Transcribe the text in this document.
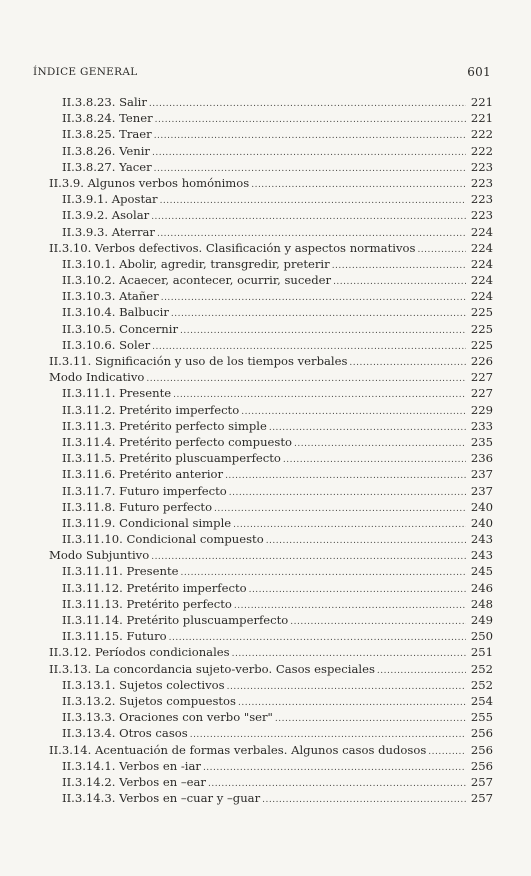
ÍNDICE GENERAL	601
II.3.8.23. Salir .....	221
II.3.8.24. Tener .....	221
II.3.8.25. Traer .....	222
II.3.8.26. Venir .....	222
II.3.8.27. Yacer .....	223
II.3.9. Algunos verbos homónimos .....	223
II.3.9.1. Apostar .....	223
II.3.9.2. Asolar .....	223
II.3.9.3. Aterrar .....	224
II.3.10. Verbos defectivos. Clasificación y aspectos normativos .....	224
II.3.10.1. Abolir, agredir, transgredir, preterir .....	224
II.3.10.2. Acaecer, acontecer, ocurrir, suceder .....	224
II.3.10.3. Atañer .....	224
II.3.10.4. Balbucir .....	225
II.3.10.5. Concernir .....	225
II.3.10.6. Soler .....	225
II.3.11. Significación y uso de los tiempos verbales .....	226
Modo Indicativo .....	227
II.3.11.1. Presente .....	227
II.3.11.2. Pretérito imperfecto .....	229
II.3.11.3. Pretérito perfecto simple .....	233
II.3.11.4. Pretérito perfecto compuesto .....	235
II.3.11.5. Pretérito pluscuamperfecto .....	236
II.3.11.6. Pretérito anterior .....	237
II.3.11.7. Futuro imperfecto .....	237
II.3.11.8. Futuro perfecto .....	240
II.3.11.9. Condicional simple .....	240
II.3.11.10. Condicional compuesto .....	243
Modo Subjuntivo .....	243
II.3.11.11. Presente .....	245
II.3.11.12. Pretérito imperfecto .....	246
II.3.11.13. Pretérito perfecto .....	248
II.3.11.14. Pretérito pluscuamperfecto .....	249
II.3.11.15. Futuro .....	250
II.3.12. Períodos condicionales .....	251
II.3.13. La concordancia sujeto-verbo. Casos especiales .....	252
II.3.13.1. Sujetos colectivos .....	252
II.3.13.2. Sujetos compuestos .....	254
II.3.13.3. Oraciones con verbo "ser" .....	255
II.3.13.4. Otros casos .....	256
II.3.14. Acentuación de formas verbales. Algunos casos dudosos .....	256
II.3.14.1. Verbos en -iar .....	256
II.3.14.2. Verbos en –ear .....	257
II.3.14.3. Verbos en –cuar y –guar .....	257
